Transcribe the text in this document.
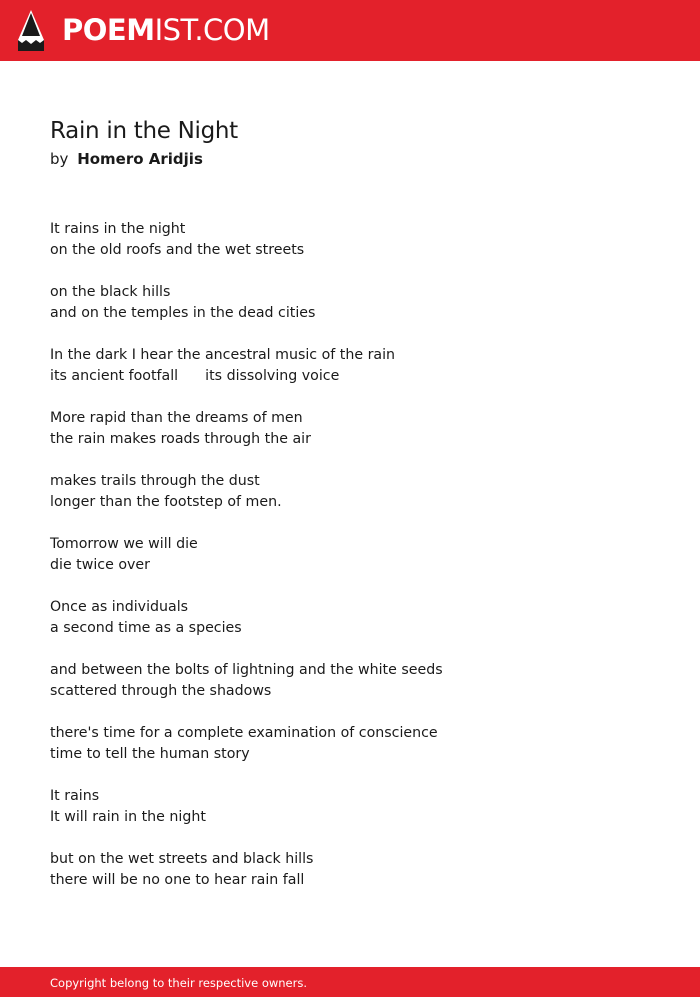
POEMIST.COM
Rain in the Night
by Homero Aridjis
It rains in the night
on the old roofs and the wet streets
on the black hills
and on the temples in the dead cities
In the dark I hear the ancestral music of the rain
its ancient footfall      its dissolving voice
More rapid than the dreams of men
the rain makes roads through the air
makes trails through the dust
longer than the footstep of men.
Tomorrow we will die
die twice over
Once as individuals
a second time as a species
and between the bolts of lightning and the white seeds
scattered through the shadows
there's time for a complete examination of conscience
time to tell the human story
It rains
It will rain in the night
but on the wet streets and black hills
there will be no one to hear rain fall
Copyright belong to their respective owners.
